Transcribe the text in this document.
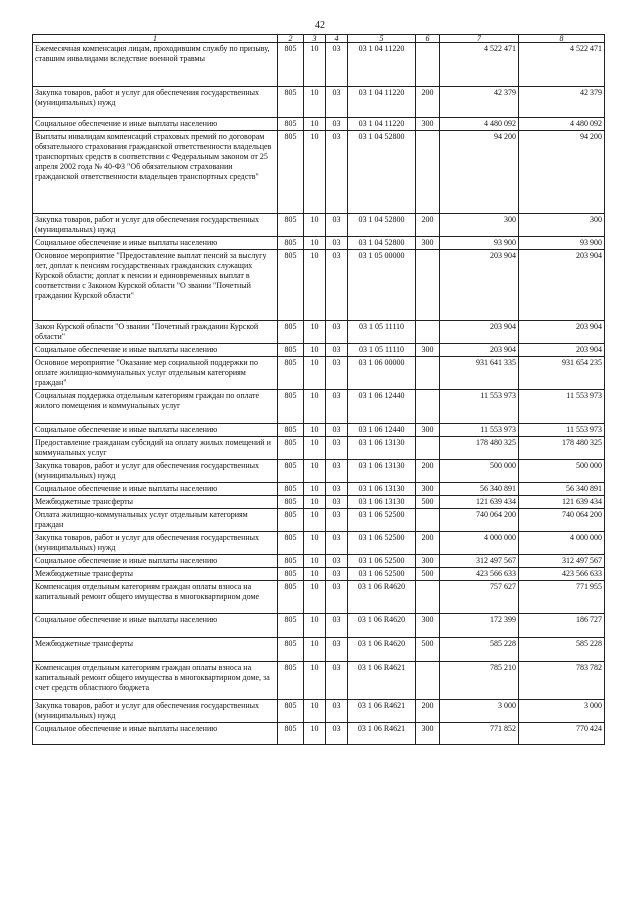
42
1	2	3	4	5	6	7	8
Ежемесячная компенсация лицам, проходившим службу по призыву, ставшим инвалидами вследствие военной травмы	805	10	03	03 1 04 11220		4 522 471	4 522 471
Закупка товаров, работ и услуг для обеспечения государственных (муниципальных) нужд	805	10	03	03 1 04 11220	200	42 379	42 379
Социальное обеспечение и иные выплаты населению	805	10	03	03 1 04 11220	300	4 480 092	4 480 092
Выплаты инвалидам компенсаций страховых премий по договорам обязательного страхования гражданской ответственности владельцев транспортных средств в соответствии с Федеральным законом от 25 апреля 2002 года № 40-ФЗ "Об обязательном страховании гражданской ответственности владельцев транспортных средств"	805	10	03	03 1 04 52800		94 200	94 200
Закупка товаров, работ и услуг для обеспечения государственных (муниципальных) нужд	805	10	03	03 1 04 52800	200	300	300
Социальное обеспечение и иные выплаты населению	805	10	03	03 1 04 52800	300	93 900	93 900
Основное мероприятие "Предоставление выплат пенсий за выслугу лет, доплат к пенсиям государственных гражданских служащих Курской области; доплат к пенсии и единовременных выплат в соответствии с Законом Курской области "О звании "Почетный гражданин Курской области"	805	10	03	03 1 05 00000		203 904	203 904
Закон Курской области "О звании "Почетный гражданин Курской области"	805	10	03	03 1 05 11110		203 904	203 904
Социальное обеспечение и иные выплаты населению	805	10	03	03 1 05 11110	300	203 904	203 904
Основное мероприятие "Оказание мер социальной поддержки по оплате жилищно-коммунальных услуг отдельным категориям граждан"	805	10	03	03 1 06 00000		931 641 335	931 654 235
Социальная поддержка отдельным категориям граждан по оплате жилого помещения и коммунальных услуг	805	10	03	03 1 06 12440		11 553 973	11 553 973
Социальное обеспечение и иные выплаты населению	805	10	03	03 1 06 12440	300	11 553 973	11 553 973
Предоставление гражданам субсидий на оплату жилых помещений и коммунальных услуг	805	10	03	03 1 06 13130		178 480 325	178 480 325
Закупка товаров, работ и услуг для обеспечения государственных (муниципальных) нужд	805	10	03	03 1 06 13130	200	500 000	500 000
Социальное обеспечение и иные выплаты населению	805	10	03	03 1 06 13130	300	56 340 891	56 340 891
Межбюджетные трансферты	805	10	03	03 1 06 13130	500	121 639 434	121 639 434
Оплата жилищно-коммунальных услуг отдельным категориям граждан	805	10	03	03 1 06 52500		740 064 200	740 064 200
Закупка товаров, работ и услуг для обеспечения государственных (муниципальных) нужд	805	10	03	03 1 06 52500	200	4 000 000	4 000 000
Социальное обеспечение и иные выплаты населению	805	10	03	03 1 06 52500	300	312 497 567	312 497 567
Межбюджетные трансферты	805	10	03	03 1 06 52500	500	423 566 633	423 566 633
Компенсация отдельным категориям граждан оплаты взноса на капитальный ремонт общего имущества в многоквартирном доме	805	10	03	03 1 06 R4620		757 627	771 955
Социальное обеспечение и иные выплаты населению	805	10	03	03 1 06 R4620	300	172 399	186 727
Межбюджетные трансферты	805	10	03	03 1 06 R4620	500	585 228	585 228
Компенсация отдельным категориям граждан оплаты взноса на капитальный ремонт общего имущества в многоквартирном доме, за счет средств областного бюджета	805	10	03	03 1 06 R4621		785 210	783 782
Закупка товаров, работ и услуг для обеспечения государственных (муниципальных) нужд	805	10	03	03 1 06 R4621	200	3 000	3 000
Социальное обеспечение и иные выплаты населению	805	10	03	03 1 06 R4621	300	771 852	770 424
